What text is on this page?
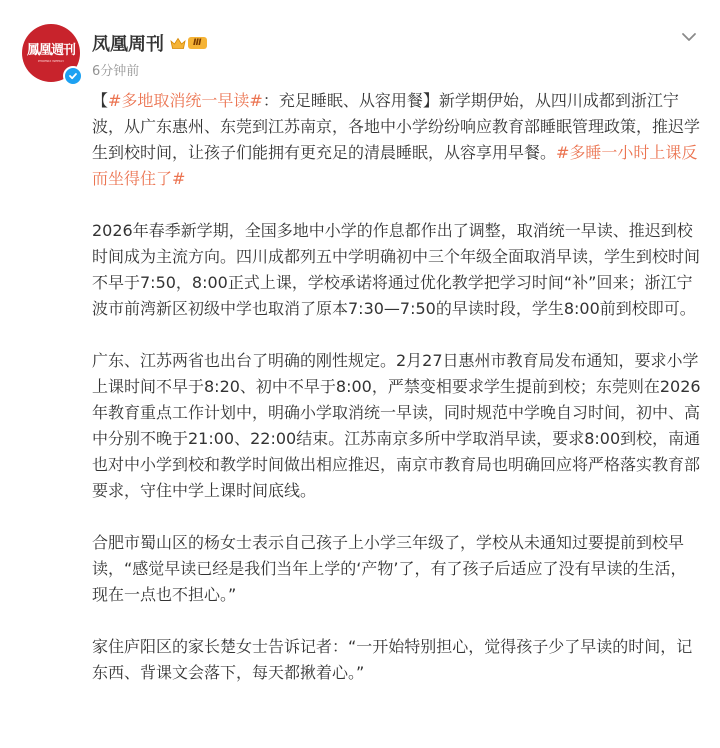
鳳凰週刊
PHOENIX WEEKLY
凤凰周刊	Ⅲ
6分钟前

【#多地取消统一早读#：充足睡眠、从容用餐】新学期伊始，从四川成都到浙江宁波，从广东惠州、东莞到江苏南京，各地中小学纷纷响应教育部睡眠管理政策，推迟学生到校时间，让孩子们能拥有更充足的清晨睡眠，从容享用早餐。#多睡一小时上课反而坐得住了#

2026年春季新学期，全国多地中小学的作息都作出了调整，取消统一早读、推迟到校时间成为主流方向。四川成都列五中学明确初中三个年级全面取消早读，学生到校时间不早于7:50，8:00正式上课，学校承诺将通过优化教学把学习时间“补”回来；浙江宁波市前湾新区初级中学也取消了原本7:30—7:50的早读时段，学生8:00前到校即可。

广东、江苏两省也出台了明确的刚性规定。2月27日惠州市教育局发布通知，要求小学上课时间不早于8:20、初中不早于8:00，严禁变相要求学生提前到校；东莞则在2026年教育重点工作计划中，明确小学取消统一早读，同时规范中学晚自习时间，初中、高中分别不晚于21:00、22:00结束。江苏南京多所中学取消早读，要求8:00到校，南通也对中小学到校和教学时间做出相应推迟，南京市教育局也明确回应将严格落实教育部要求，守住中学上课时间底线。

合肥市蜀山区的杨女士表示自己孩子上小学三年级了，学校从未通知过要提前到校早读，“感觉早读已经是我们当年上学的‘产物’了，有了孩子后适应了没有早读的生活，现在一点也不担心。”

家住庐阳区的家长楚女士告诉记者：“一开始特别担心，觉得孩子少了早读的时间，记东西、背课文会落下，每天都揪着心。”
